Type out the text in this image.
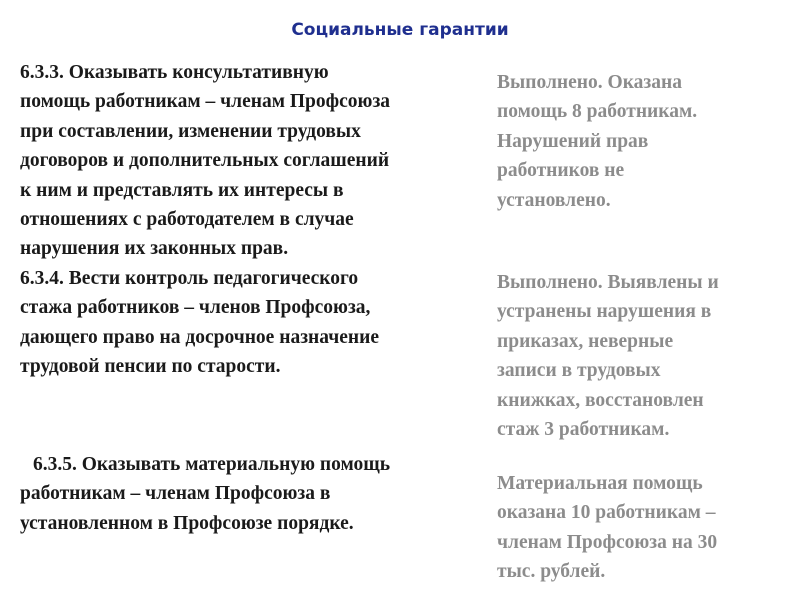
Социальные гарантии
6.3.3. Оказывать консультативную
помощь работникам – членам Профсоюза
при составлении, изменении трудовых
договоров и дополнительных соглашений
к ним и представлять их интересы в
отношениях с работодателем в случае
нарушения их законных прав.
6.3.4. Вести контроль педагогического
стажа работников – членов Профсоюза,
дающего право на досрочное назначение
трудовой пенсии по старости.
6.3.5. Оказывать материальную помощь
работникам – членам Профсоюза в
установленном в Профсоюзе порядке.
Выполнено. Оказана
помощь 8 работникам.
Нарушений прав
работников не
установлено.
Выполнено. Выявлены и
устранены нарушения в
приказах, неверные
записи в трудовых
книжках, восстановлен
стаж 3 работникам.
Материальная помощь
оказана 10 работникам –
членам Профсоюза на 30
тыс. рублей.
